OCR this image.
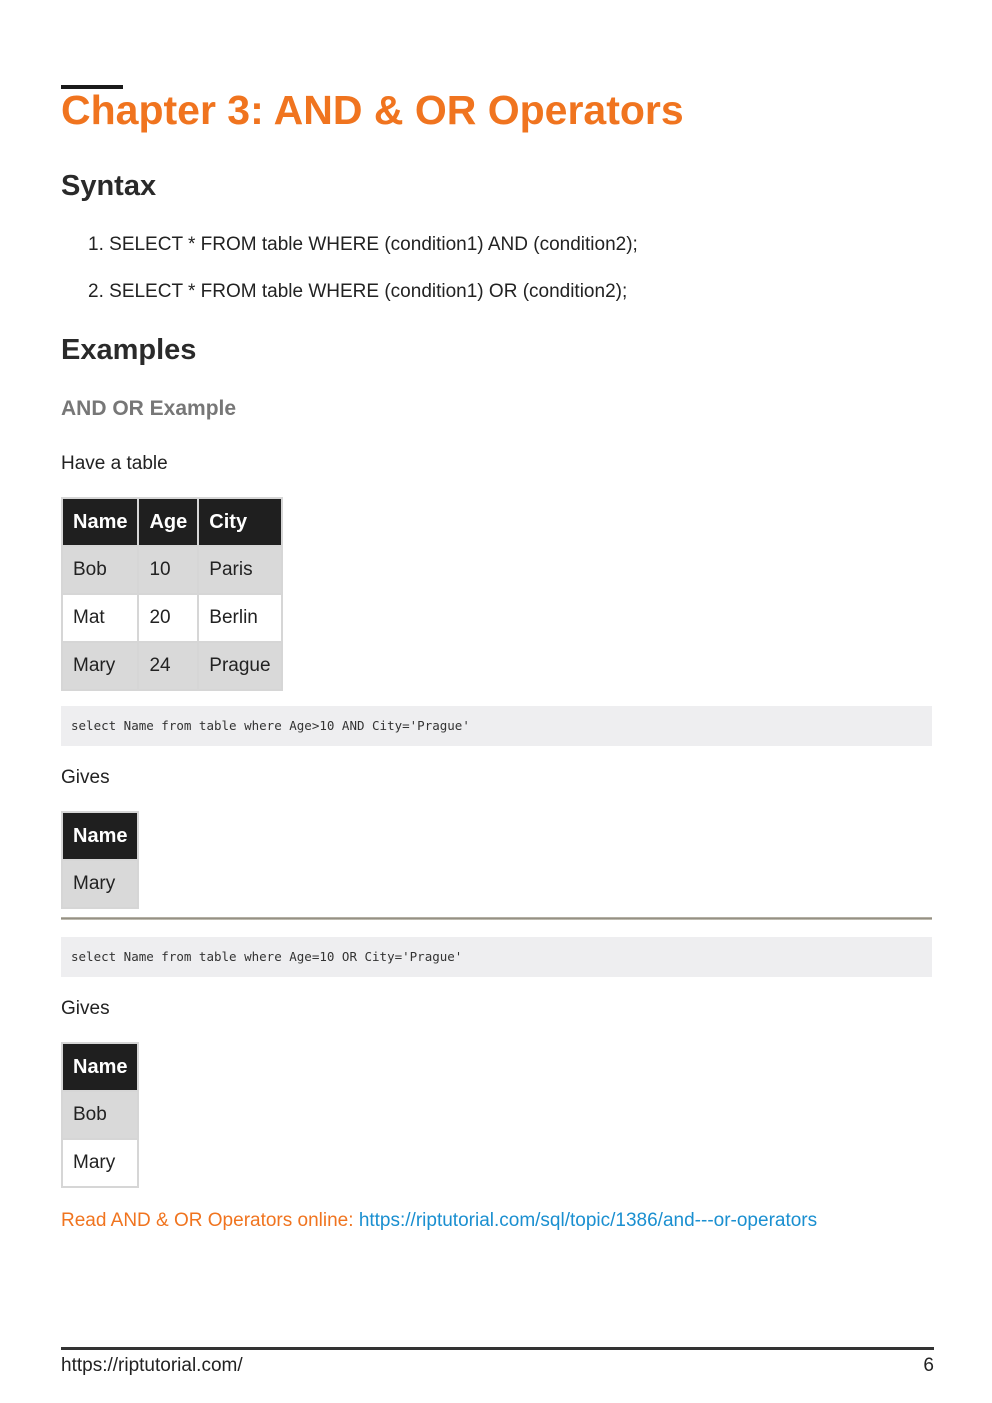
Chapter 3: AND & OR Operators
Syntax
1. SELECT * FROM table WHERE (condition1) AND (condition2);
2. SELECT * FROM table WHERE (condition1) OR (condition2);
Examples
AND OR Example

Have a table

Name	Age	City
Bob	10	Paris
Mat	20	Berlin
Mary	24	Prague
select Name from table where Age>10 AND City='Prague'

Gives

Name
Mary
select Name from table where Age=10 OR City='Prague'

Gives

Name
Bob
Mary

Read AND & OR Operators online: https://riptutorial.com/sql/topic/1386/and---or-operators

https://riptutorial.com/	6
